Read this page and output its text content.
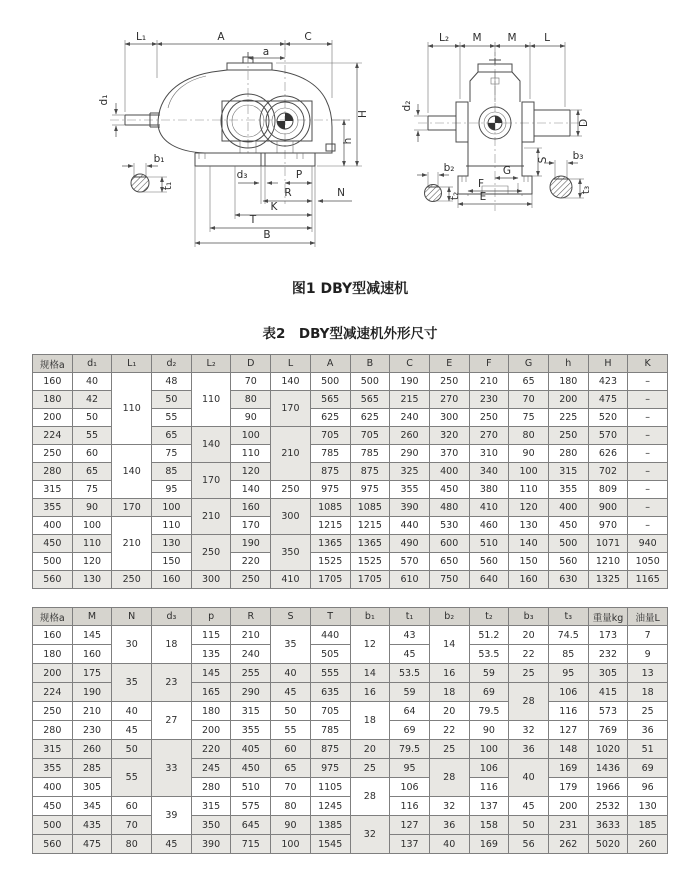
L₁	A	C
a
d₁
H
h
b₁
t₁
d₃	P
R	N
K
T
B
L₂ M M	L
d₂
D
S
G
F
E
b₂
t₂
b₃
t₃
图1 DBY型减速机
表2　DBY型减速机外形尺寸
规格a	d₁	L₁	d₂	L₂	D	L	A	B	C	E	F	G	h	H	K
160	40	110	48	110	70	140	500	500	190	250	210	65	180	423	–
180	42		50		80	170	565	565	215	270	230	70	200	475	–
200	50		55		90		625	625	240	300	250	75	225	520	–
224	55		65	140	100	210	705	705	260	320	270	80	250	570	–
250	60	140	75		110		785	785	290	370	310	90	280	626	–
280	65		85	170	120		875	875	325	400	340	100	315	702	–
315	75		95		140	250	975	975	355	450	380	110	355	809	–
355	90	170	100	210	160	300	1085	1085	390	480	410	120	400	900	–
400	100	210	110		170		1215	1215	440	530	460	130	450	970	–
450	110		130	250	190	350	1365	1365	490	600	510	140	500	1071	940
500	120		150		220		1525	1525	570	650	560	150	560	1210	1050
560	130	250	160	300	250	410	1705	1705	610	750	640	160	630	1325	1165
规格a	M	N	d₃	p	R	S	T	b₁	t₁	b₂	t₂	b₃	t₃	重量kg	油量L
160	145	30	18	115	210	35	440	12	43	14	51.2	20	74.5	173	7
180	160			135	240		505		45		53.5	22	85	232	9
200	175	35	23	145	255	40	555	14	53.5	16	59	25	95	305	13
224	190			165	290	45	635	16	59	18	69	28	106	415	18
250	210	40	27	180	315	50	705	18	64	20	79.5		116	573	25
280	230	45		200	355	55	785		69	22	90	32	127	769	36
315	260	50	33	220	405	60	875	20	79.5	25	100	36	148	1020	51
355	285	55		245	450	65	975	25	95	28	106	40	169	1436	69
400	305			280	510	70	1105	28	106		116		179	1966	96
450	345	60	39	315	575	80	1245		116	32	137	45	200	2532	130
500	435	70		350	645	90	1385	32	127	36	158	50	231	3633	185
560	475	80	45	390	715	100	1545		137	40	169	56	262	5020	260
